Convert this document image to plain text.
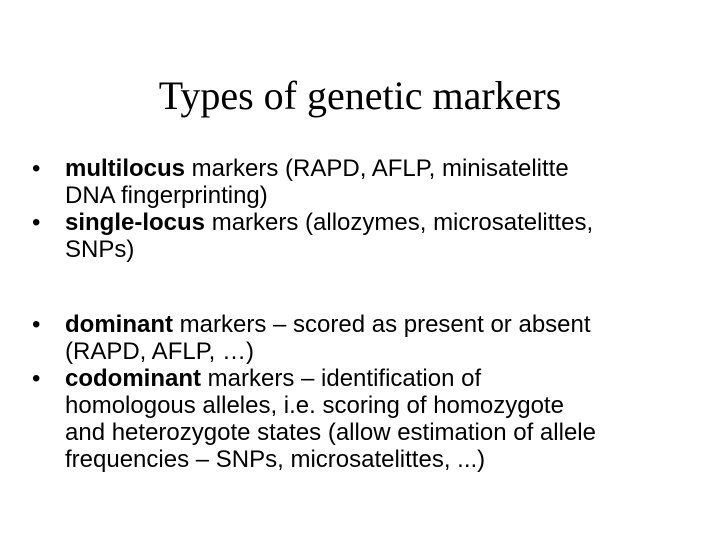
Types of genetic markers
• multilocus markers (RAPD, AFLP, minisatelitte
DNA fingerprinting)
• single-locus markers (allozymes, microsatelittes,
SNPs)
• dominant markers – scored as present or absent
(RAPD, AFLP, …)
• codominant markers – identification of
homologous alleles, i.e. scoring of homozygote
and heterozygote states (allow estimation of allele
frequencies – SNPs, microsatelittes, ...)
